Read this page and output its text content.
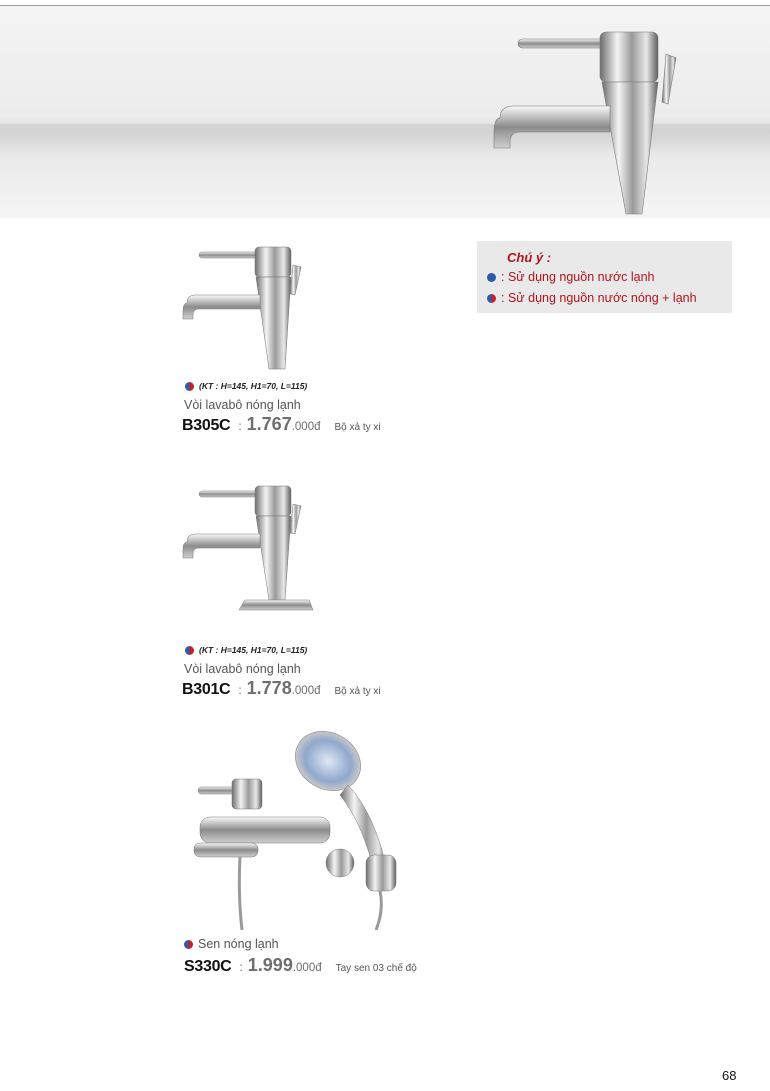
Chú ý :
: Sử dụng nguồn nước lạnh
: Sử dụng nguồn nước nóng + lạnh
(KT : H=145, H1=70, L=115)
Vòi lavabô nóng lạnh
B305C : 1.767.000đ Bộ xả ty xi
(KT : H=145, H1=70, L=115)
Vòi lavabô nóng lạnh
B301C : 1.778.000đ Bộ xả ty xi
Sen nóng lạnh
S330C : 1.999.000đ Tay sen 03 chế độ
68
